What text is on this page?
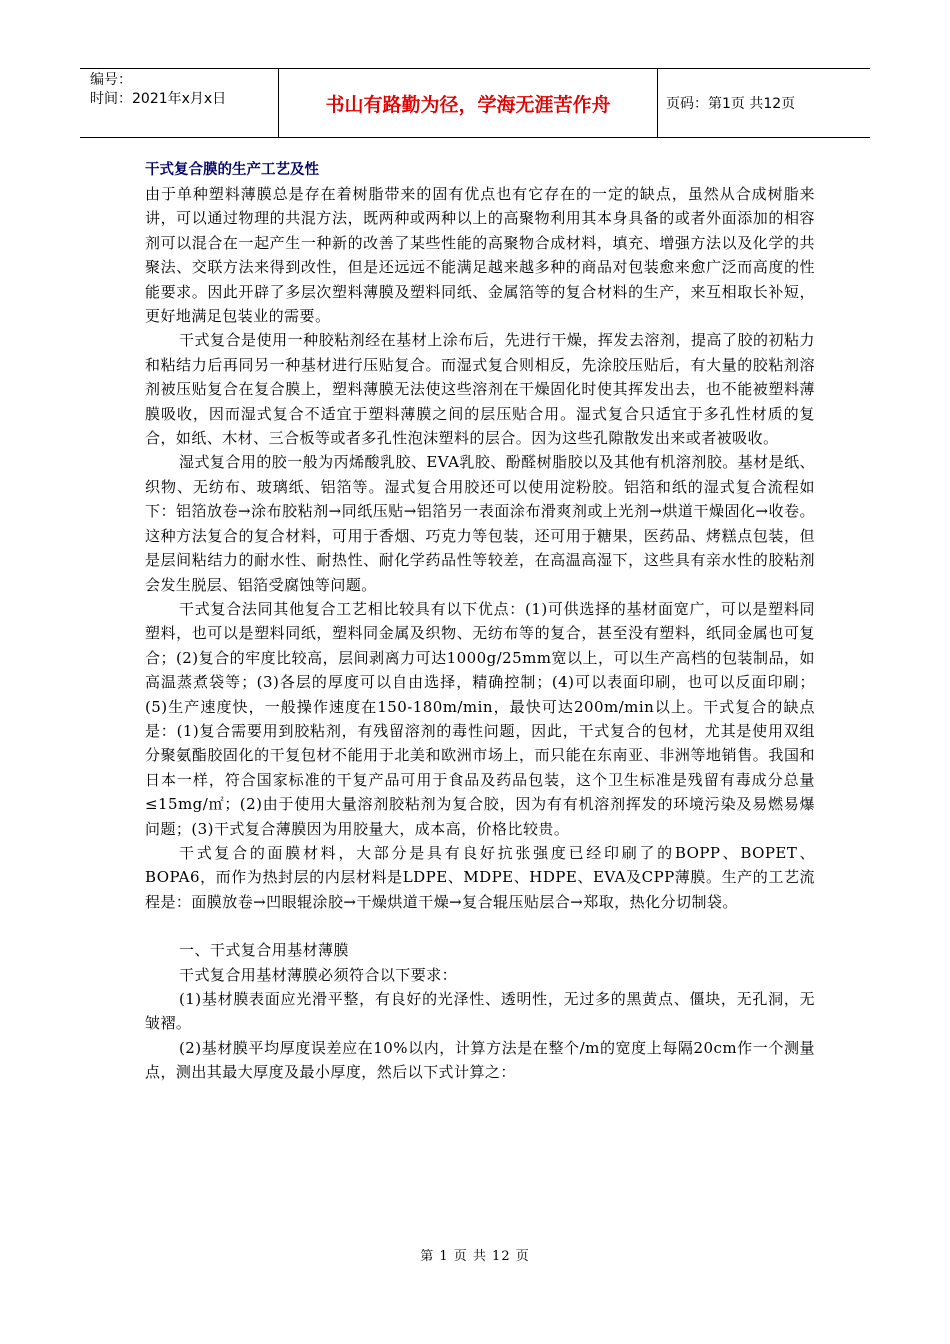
编号：
时间：2021年x月x日	书山有路勤为径，学海无涯苦作舟	页码：第1页 共12页
干式复合膜的生产工艺及性

由于单种塑料薄膜总是存在着树脂带来的固有优点也有它存在的一定的缺点，虽然从合成树脂来讲，可以通过物理的共混方法，既两种或两种以上的高聚物利用其本身具备的或者外面添加的相容剂可以混合在一起产生一种新的改善了某些性能的高聚物合成材料，填充、增强方法以及化学的共聚法、交联方法来得到改性，但是还远远不能满足越来越多种的商品对包装愈来愈广泛而高度的性能要求。因此开辟了多层次塑料薄膜及塑料同纸、金属箔等的复合材料的生产，来互相取长补短，更好地满足包装业的需要。

干式复合是使用一种胶粘剂经在基材上涂布后，先进行干燥，挥发去溶剂，提高了胶的初粘力和粘结力后再同另一种基材进行压贴复合。而湿式复合则相反，先涂胶压贴后，有大量的胶粘剂溶剂被压贴复合在复合膜上，塑料薄膜无法使这些溶剂在干燥固化时使其挥发出去，也不能被塑料薄膜吸收，因而湿式复合不适宜于塑料薄膜之间的层压贴合用。湿式复合只适宜于多孔性材质的复合，如纸、木材、三合板等或者多孔性泡沫塑料的层合。因为这些孔隙散发出来或者被吸收。

湿式复合用的胶一般为丙烯酸乳胶、EVA乳胶、酚醛树脂胶以及其他有机溶剂胶。基材是纸、织物、无纺布、玻璃纸、铝箔等。湿式复合用胶还可以使用淀粉胶。铝箔和纸的湿式复合流程如下：铝箔放卷→涂布胶粘剂→同纸压贴→铝箔另一表面涂布滑爽剂或上光剂→烘道干燥固化→收卷。这种方法复合的复合材料，可用于香烟、巧克力等包装，还可用于糖果，医药品、烤糕点包装，但是层间粘结力的耐水性、耐热性、耐化学药品性等较差，在高温高湿下，这些具有亲水性的胶粘剂会发生脱层、铝箔受腐蚀等问题。

干式复合法同其他复合工艺相比较具有以下优点：(1)可供选择的基材面宽广，可以是塑料同塑料，也可以是塑料同纸，塑料同金属及织物、无纺布等的复合，甚至没有塑料，纸同金属也可复合；(2)复合的牢度比较高，层间剥离力可达1000g/25mm宽以上，可以生产高档的包装制品，如高温蒸煮袋等；(3)各层的厚度可以自由选择，精确控制；(4)可以表面印刷，也可以反面印刷；(5)生产速度快，一般操作速度在150-180m/min，最快可达200m/min以上。干式复合的缺点是：(1)复合需要用到胶粘剂，有残留溶剂的毒性问题，因此，干式复合的包材，尤其是使用双组分聚氨酯胶固化的干复包材不能用于北美和欧洲市场上，而只能在东南亚、非洲等地销售。我国和日本一样，符合国家标准的干复产品可用于食品及药品包装，这个卫生标准是残留有毒成分总量≤15mg/㎡；(2)由于使用大量溶剂胶粘剂为复合胶，因为有有机溶剂挥发的环境污染及易燃易爆问题；(3)干式复合薄膜因为用胶量大，成本高，价格比较贵。

干式复合的面膜材料，大部分是具有良好抗张强度已经印刷了的BOPP、BOPET、BOPA6，而作为热封层的内层材料是LDPE、MDPE、HDPE、EVA及CPP薄膜。生产的工艺流程是：面膜放卷→凹眼辊涂胶→干燥烘道干燥→复合辊压贴层合→郑取，热化分切制袋。

一、干式复合用基材薄膜

干式复合用基材薄膜必须符合以下要求：

(1)基材膜表面应光滑平整，有良好的光泽性、透明性，无过多的黑黄点、僵块，无孔洞，无皱褶。

(2)基材膜平均厚度误差应在10%以内，计算方法是在整个/m的宽度上每隔20cm作一个测量点，测出其最大厚度及最小厚度，然后以下式计算之：

第 1 页 共 12 页
